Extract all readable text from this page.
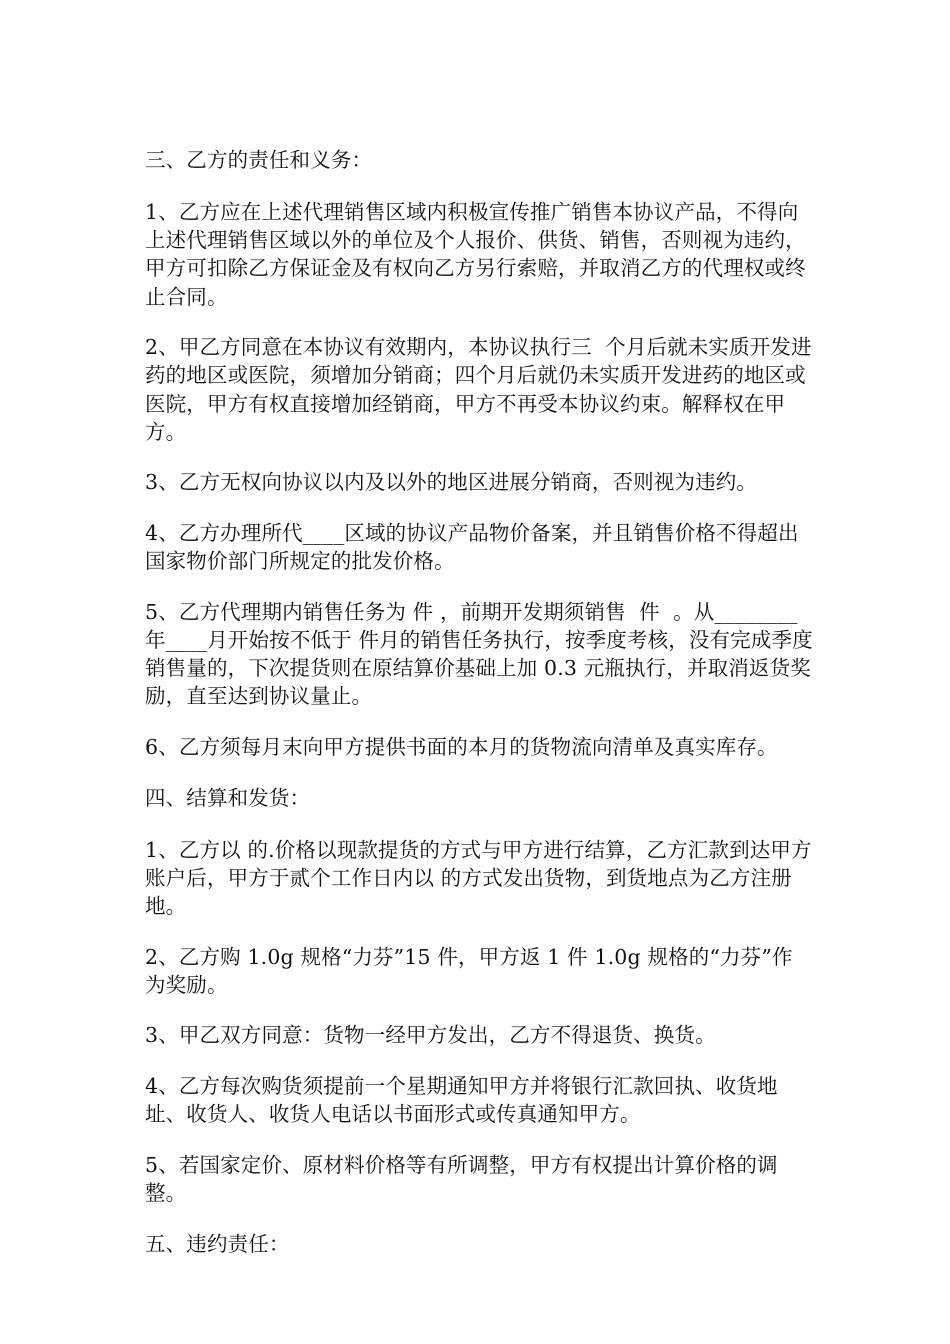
三、乙方的责任和义务：

1、乙方应在上述代理销售区域内积极宣传推广销售本协议产品，不得向上述代理销售区域以外的单位及个人报价、供货、销售，否则视为违约，甲方可扣除乙方保证金及有权向乙方另行索赔，并取消乙方的代理权或终止合同。

2、甲乙方同意在本协议有效期内，本协议执行三  个月后就未实质开发进药的地区或医院，须增加分销商；四个月后就仍未实质开发进药的地区或医院，甲方有权直接增加经销商，甲方不再受本协议约束。解释权在甲方。

3、乙方无权向协议以内及以外的地区进展分销商，否则视为违约。

4、乙方办理所代____区域的协议产品物价备案，并且销售价格不得超出国家物价部门所规定的批发价格。

5、乙方代理期内销售任务为 件 ，前期开发期须销售  件  。从________年____月开始按不低于 件月的销售任务执行，按季度考核，没有完成季度销售量的，下次提货则在原结算价基础上加 0.3 元瓶执行，并取消返货奖励，直至达到协议量止。

6、乙方须每月末向甲方提供书面的本月的货物流向清单及真实库存。

四、结算和发货：

1、乙方以 的.价格以现款提货的方式与甲方进行结算，乙方汇款到达甲方账户后，甲方于贰个工作日内以 的方式发出货物，到货地点为乙方注册地。

2、乙方购 1.0g 规格“力芬”15 件，甲方返 1 件 1.0g 规格的“力芬”作为奖励。

3、甲乙双方同意：货物一经甲方发出，乙方不得退货、换货。

4、乙方每次购货须提前一个星期通知甲方并将银行汇款回执、收货地址、收货人、收货人电话以书面形式或传真通知甲方。

5、若国家定价、原材料价格等有所调整，甲方有权提出计算价格的调整。

五、违约责任：
